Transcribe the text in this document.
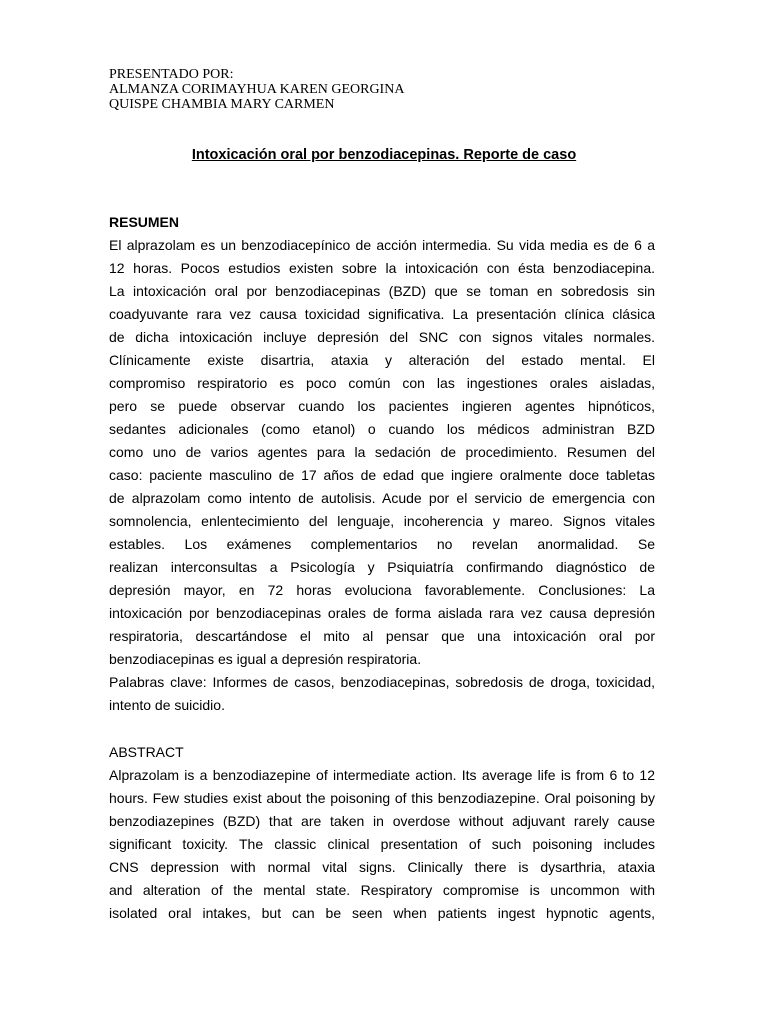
PRESENTADO POR:
ALMANZA CORIMAYHUA KAREN GEORGINA
QUISPE CHAMBIA MARY CARMEN
Intoxicación oral por benzodiacepinas. Reporte de caso
RESUMEN
El alprazolam es un benzodiacepínico de acción intermedia. Su vida media es de 6 a
12 horas. Pocos estudios existen sobre la intoxicación con ésta benzodiacepina.
La intoxicación oral por benzodiacepinas (BZD) que se toman en sobredosis sin
coadyuvante rara vez causa toxicidad significativa. La presentación clínica clásica
de dicha intoxicación incluye depresión del SNC con signos vitales normales.
Clínicamente existe disartria, ataxia y alteración del estado mental. El
compromiso respiratorio es poco común con las ingestiones orales aisladas,
pero se puede observar cuando los pacientes ingieren agentes hipnóticos,
sedantes adicionales (como etanol) o cuando los médicos administran BZD
como uno de varios agentes para la sedación de procedimiento. Resumen del
caso: paciente masculino de 17 años de edad que ingiere oralmente doce tabletas
de alprazolam como intento de autolisis. Acude por el servicio de emergencia con
somnolencia, enlentecimiento del lenguaje, incoherencia y mareo. Signos vitales
estables. Los exámenes complementarios no revelan anormalidad. Se
realizan interconsultas a Psicología y Psiquiatría confirmando diagnóstico de
depresión mayor, en 72 horas evoluciona favorablemente. Conclusiones: La
intoxicación por benzodiacepinas orales de forma aislada rara vez causa depresión
respiratoria, descartándose el mito al pensar que una intoxicación oral por
benzodiacepinas es igual a depresión respiratoria.
Palabras clave: Informes de casos, benzodiacepinas, sobredosis de droga, toxicidad,
intento de suicidio.
ABSTRACT
Alprazolam is a benzodiazepine of intermediate action. Its average life is from 6 to 12
hours. Few studies exist about the poisoning of this benzodiazepine. Oral poisoning by
benzodiazepines (BZD) that are taken in overdose without adjuvant rarely cause
significant toxicity. The classic clinical presentation of such poisoning includes
CNS depression with normal vital signs. Clinically there is dysarthria, ataxia
and alteration of the mental state. Respiratory compromise is uncommon with
isolated oral intakes, but can be seen when patients ingest hypnotic agents,
